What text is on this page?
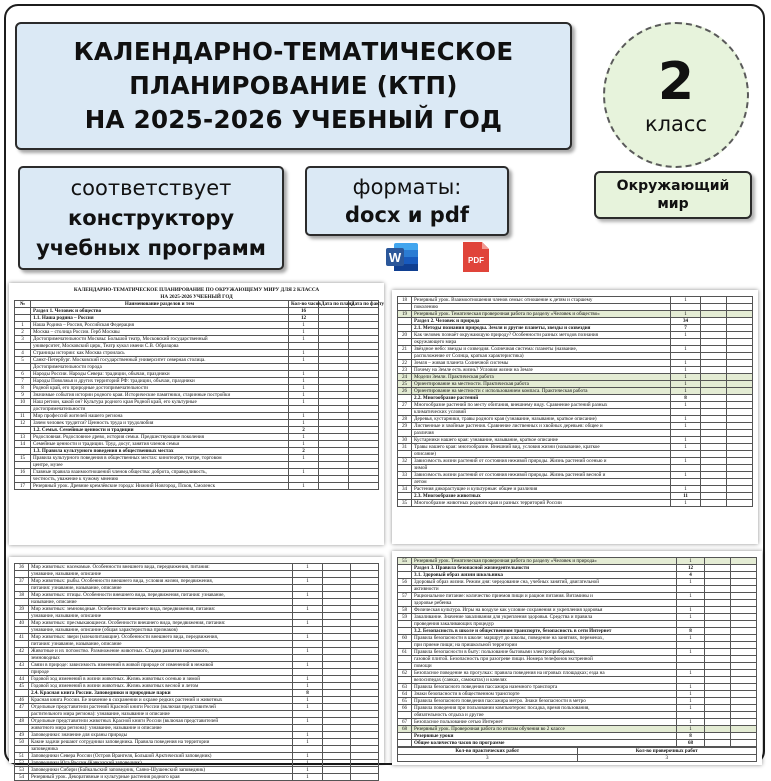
КАЛЕНДАРНО-ТЕМАТИЧЕСКОЕ
ПЛАНИРОВАНИЕ (КТП)
НА 2025-2026 УЧЕБНЫЙ ГОД
2
класс
соответствует
конструктору
учебных программ
форматы:
docx и pdf
Окружающий
мир
W	PDF
КАЛЕНДАРНО-ТЕМАТИЧЕСКОЕ ПЛАНИРОВАНИЕ ПО ОКРУЖАЮЩЕМУ МИРУ ДЛЯ 2 КЛАССА
НА 2025-2026 УЧЕБНЫЙ ГОД
№	Наименование разделов и тем	Кол-во часов	Дата по плану	Дата по факту
	Раздел 1. Человек и общество	16		
	1.1. Наша родина – Россия	12		
1	Наша Родина – Россия, Российская Федерация	1		
2	Москва – столица России. Герб Москвы	1		
3	Достопримечательности Москвы: Большой театр, Московский государственный	1		
	университет, Московский цирк, Театр кукол имени С.В. Образцова			
4	Страницы истории: как Москва строилась	1		
5	Санкт-Петербург. Московский государственный университет северная столица.	1		
	Достопримечательности города			
6	Народы России. Народы Севера: традиции, обычаи, праздники	1		
7	Народы Поволжья и других территорий РФ: традиции, обычаи, праздники	1		
8	Родной край, его природные достопримечательности	1		
9	Значимые события истории родного края. Исторические памятники, старинные постройки	1		
10	Наш регион, какой он? Культура родного края Родной край, его культурные	1		
	достопримечательности			
11	Мир профессий жителей нашего региона	1		
12	Зачем человек трудится? Ценность труда и трудолюбия	1		
	1.2. Семья. Семейные ценности и традиции	2		
13	Родословная. Родословное древо, история семьи. Предшествующие поколения	1		
14	Семейные ценности и традиции. Труд, досуг, занятия членов семьи	1		
	1.3. Правила культурного поведения в общественных местах	2		
15	Правила культурного поведения в общественных местах: кинотеатре, театре, торговом	1		
	центре, музее			
16	Главные правила взаимоотношений членов общества: доброта, справедливость,	1		
	честность, уважение к чужому мнению			
17	Резервный урок. Древние кремлёвские города: Нижний Новгород, Псков, Смоленск	1		
18	Резервный урок. Взаимоотношения членов семьи: отношение к детям и старшему	1		
	поколению			
19	Резервный урок. Тематическая проверочная работа по разделу «Человек и общество»	1		
	Раздел 2. Человек и природа	34		
	2.1. Методы познания природы. Земля и другие планеты, звезды и созвездия	7		
20	Как человек познаёт окружающую природу? Особенности разных методов познания	1		
	окружающего мира			
21	Звёздное небо: звезды и созвездия. Солнечная система: планеты (название,	1		
	расположение от Солнца, краткая характеристика)			
22	Земля – живая планета Солнечной системы	1		
23	Почему на Земле есть жизнь? Условия жизни на Земле	1		
24	Модели Земли. Практическая работа	1		
25	Ориентирование на местности. Практическая работа	1		
26	Ориентирование на местности с использованием компаса. Практическая работа	1		
	2.2. Многообразие растений	8		
27	Многообразие растений по месту обитания, внешнему виду. Сравнение растений разных	1		
	климатических условий			
28	Деревья, кустарники, травы родного края (узнавание, называние, краткое описание)	1		
29	Лиственные и хвойные растения. Сравнение лиственных и хвойных деревьев: общее и	1		
	различия			
30	Кустарники нашего края: узнавание, называние, краткое описание	1		
31	Травы нашего края: многообразие. Внешний вид, условия жизни (называние, краткое	1		
	описание)			
32	Зависимость жизни растений от состояния неживой природы. Жизнь растений осенью и	1		
	зимой			
33	Зависимость жизни растений от состояния неживой природы. Жизнь растений весной и	1		
	летом			
34	Растения дикорастущие и культурные: общее и различия	1		
	2.3. Многообразие животных	11		
35	Многообразие животных родного края и разных территорий России	1		
36	Мир животных: насекомые. Особенности внешнего вида, передвижения, питания:	1		
	узнавание, называние, описание			
37	Мир животных: рыбы. Особенности внешнего вида, условия жизни, передвижения,	1		
	питания: узнавание, называние, описание			
38	Мир животных: птицы. Особенности внешнего вида, передвижения, питания: узнавание,	1		
	называние, описание			
39	Мир животных: земноводные. Особенности внешнего вида, передвижения, питания:	1		
	узнавание, называние, описание			
40	Мир животных: пресмыкающиеся. Особенности внешнего вида, передвижения, питания:	1		
	узнавание, называние, описание (общая характеристика признаков)			
41	Мир животных: звери (млекопитающие). Особенности внешнего вида, передвижения,	1		
	питания: узнавание, называние, описание			
42	Животные и их потомство. Размножение животных. Стадии развития насекомого,	1		
	земноводных			
43	Связи в природе: зависимость изменений в живой природе от изменений в неживой	1		
	природе			
44	Годовой ход изменений в жизни животных. Жизнь животных осенью и зимой	1		
45	Годовой ход изменений в жизни животных. Жизнь животных весной и летом	1		
	2.4. Красная книга России. Заповедники и природные парки	8		
46	Красная книга России. Ее значение в сохранении и охране редких растений и животных	1		
47	Отдельные представители растений Красной книги России (включая представителей	1		
	растительного мира региона): узнавание, называние и описание			
48	Отдельные представители животных Красной книги России (включая представителей	1		
	животного мира региона): узнавание, называние и описание			
49	Заповедники: значение для охраны природы	1		
50	Какие задачи решают сотрудники заповедника. Правила поведения на территории	1		
	заповедника			
51	Заповедники Севера России (Остров Врангеля, Большой Арктический заповедник)	1		
52	Заповедники Юга России (Кавказский заповедник)	1		
53	Заповедники Сибири (Байкальский заповедник, Саяно-Шушенский заповедник)	1		
54	Резервный урок. Декоративные и культурные растения родного края	1		
55	Резервный урок. Тематическая проверочная работа по разделу «Человек и природа»	1		
	Раздел 3. Правила безопасной жизнедеятельности	12		
	3.1. Здоровый образ жизни школьника	4		
56	Здоровый образ жизни. Режим дня: чередование сна, учебных занятий, двигательной	1		
	активности			
57	Рациональное питание: количество приемов пищи и рацион питания. Витамины и	1		
	здоровье ребенка			
58	Физическая культура. Игры на воздухе как условие сохранения и укрепления здоровья	1		
59	Закаливание. Значение закаливания для укрепления здоровья. Средства и правила	1		
	проведения закаливающих процедур			
	3.2. Безопасность в школе и общественном транспорте, безопасность в сети Интернет	8		
60	Правила безопасности в школе: маршрут до школы, поведение на занятиях, переменах,	1		
	при приеме пищи; на пришкольной территории			
61	Правила безопасности в быту: пользование бытовыми электроприборами,	1		
	газовой плитой. Безопасность при разогреве пищи. Номера телефонов экстренной			
	помощи			
62	Безопасное поведение на прогулках: правила поведения на игровых площадках; езда на	1		
	велосипедах (санках, самокатах) и качелях			
63	Правила безопасного поведения пассажира наземного транспорта	1		
64	Знаки безопасности в общественном транспорте	1		
65	Правила безопасного поведения пассажира метро. Знаки безопасности в метро	1		
66	Правила поведения при пользовании компьютером: посадка, время пользования,	1		
	обязательность отдыха и другие			
67	Безопасное пользование сетью Интернет	1		
68	Резервный урок. Проверочная работа по итогам обучения во 2 классе	1		
	Резервные уроки	8		
	Общее количество часов по программе	68		
Кол-во практических работ	Кол-во проверочных работ
3	3
